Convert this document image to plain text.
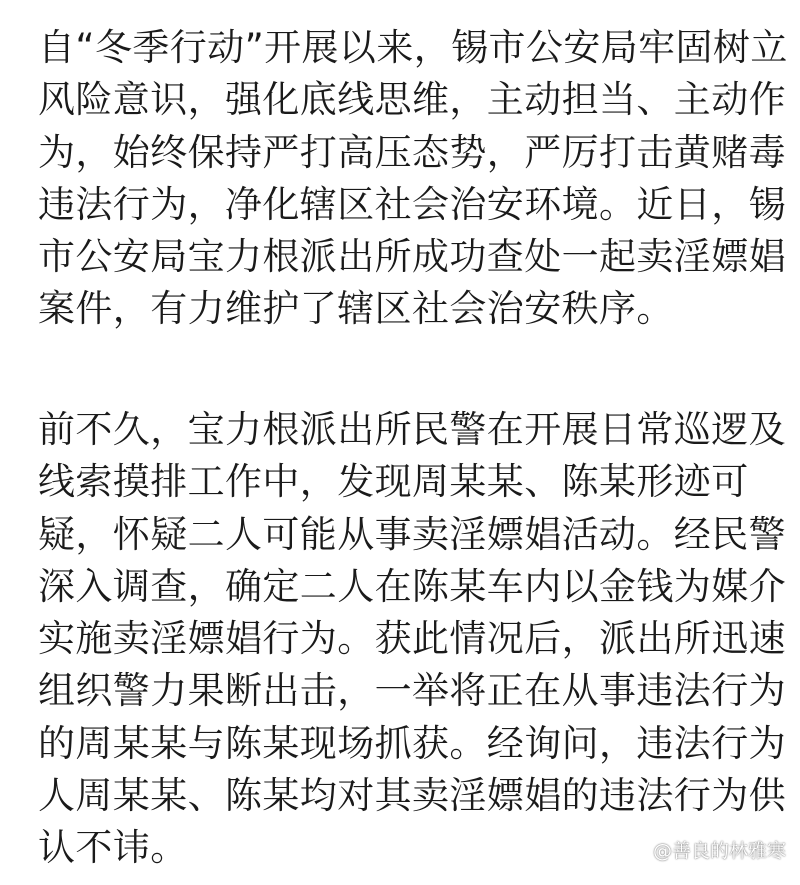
自“冬季行动”开展以来，锡市公安局牢固树立
风险意识，强化底线思维，主动担当、主动作
为，始终保持严打高压态势，严厉打击黄赌毒
违法行为，净化辖区社会治安环境。近日，锡
市公安局宝力根派出所成功查处一起卖淫嫖娼
案件，有力维护了辖区社会治安秩序。
前不久，宝力根派出所民警在开展日常巡逻及
线索摸排工作中，发现周某某、陈某形迹可
疑，怀疑二人可能从事卖淫嫖娼活动。经民警
深入调查，确定二人在陈某车内以金钱为媒介
实施卖淫嫖娼行为。获此情况后，派出所迅速
组织警力果断出击，一举将正在从事违法行为
的周某某与陈某现场抓获。经询问，违法行为
人周某某、陈某均对其卖淫嫖娼的违法行为供
认不讳。	@善良的林雅寒
